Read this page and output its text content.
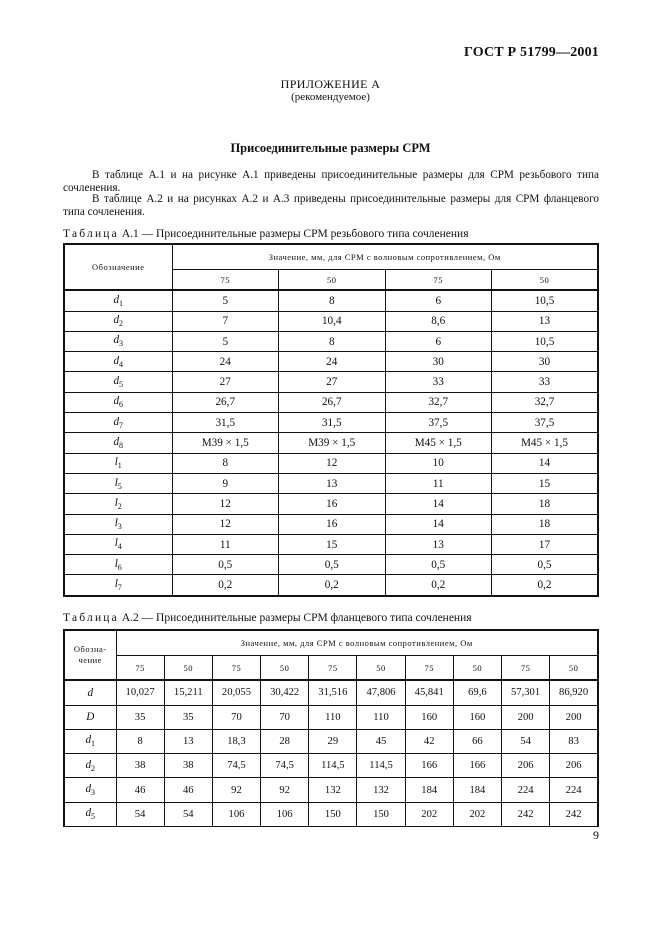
ГОСТ Р 51799—2001
ПРИЛОЖЕНИЕ А
(рекомендуемое)
Присоединительные размеры СРМ
В таблице А.1 и на рисунке А.1 приведены присоединительные размеры для СРМ резьбового типа сочленения.
В таблице А.2 и на рисунках А.2 и А.3 приведены присоединительные размеры для СРМ фланцевого типа сочленения.
Таблица А.1 — Присоединительные размеры СРМ резьбового типа сочленения
Обозначение	Значение, мм, для СРМ с волновым сопротивлением, Ом			
	75	50	75	50
$d_1$	5	8	6	10,5
$d_2$	7	10,4	8,6	13
$d_3$	5	8	6	10,5
$d_4$	24	24	30	30
$d_5$	27	27	33	33
$d_6$	26,7	26,7	32,7	32,7
$d_7$	31,5	31,5	37,5	37,5
$d_8$	М39 × 1,5	М39 × 1,5	М45 × 1,5	М45 × 1,5
$l_1$	8	12	10	14
$l_5$	9	13	11	15
$l_2$	12	16	14	18
$l_3$	12	16	14	18
$l_4$	11	15	13	17
$l_6$	0,5	0,5	0,5	0,5
$l_7$	0,2	0,2	0,2	0,2
Таблица А.2 — Присоединительные размеры СРМ фланцевого типа сочленения
Обозна-
чение	Значение, мм, для СРМ с волновым сопротивлением, Ом									
	75	50	75	50	75	50	75	50	75	50
d	10,027	15,211	20,055	30,422	31,516	47,806	45,841	69,6	57,301	86,920
D	35	35	70	70	110	110	160	160	200	200
$d_1$	8	13	18,3	28	29	45	42	66	54	83
$d_2$	38	38	74,5	74,5	114,5	114,5	166	166	206	206
$d_3$	46	46	92	92	132	132	184	184	224	224
$d_5$	54	54	106	106	150	150	202	202	242	242
9
